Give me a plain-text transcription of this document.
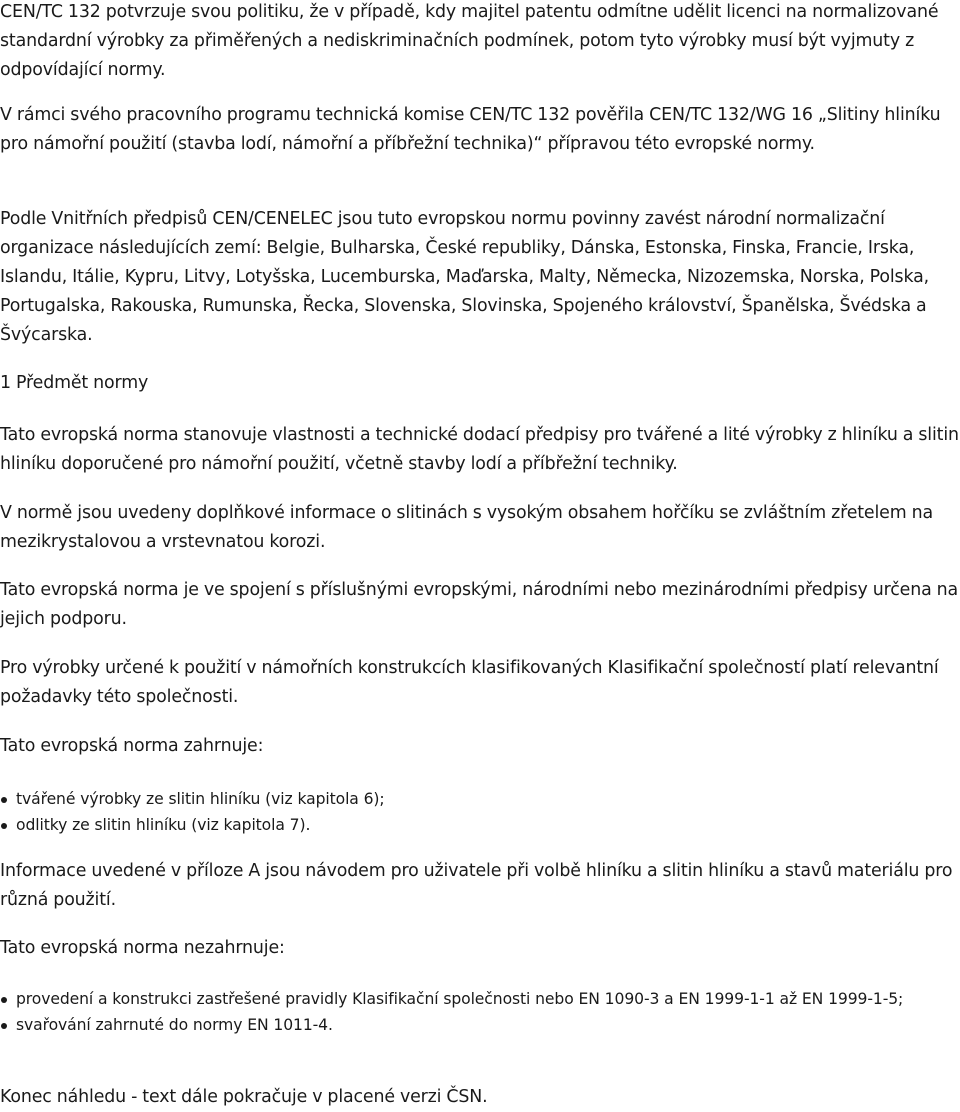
CEN/TC 132 potvrzuje svou politiku, že v případě, kdy majitel patentu odmítne udělit licenci na normalizované standardní výrobky za přiměřených a nediskriminačních podmínek, potom tyto výrobky musí být vyjmuty z odpovídající normy.

V rámci svého pracovního programu technická komise CEN/TC 132 pověřila CEN/TC 132/WG 16 „Slitiny hliníku pro námořní použití (stavba lodí, námořní a příbřežní technika)“ přípravou této evropské normy.

Podle Vnitřních předpisů CEN/CENELEC jsou tuto evropskou normu povinny zavést národní normalizační organizace následujících zemí: Belgie, Bulharska, České republiky, Dánska, Estonska, Finska, Francie, Irska, Islandu, Itálie, Kypru, Litvy, Lotyšska, Lucemburska, Maďarska, Malty, Německa, Nizozemska, Norska, Polska, Portugalska, Rakouska, Rumunska, Řecka, Slovenska, Slovinska, Spojeného království, Španělska, Švédska a Švýcarska.

1 Předmět normy

Tato evropská norma stanovuje vlastnosti a technické dodací předpisy pro tvářené a lité výrobky z hliníku a slitin hliníku doporučené pro námořní použití, včetně stavby lodí a příbřežní techniky.

V normě jsou uvedeny doplňkové informace o slitinách s vysokým obsahem hořčíku se zvláštním zřetelem na mezikrystalovou a vrstevnatou korozi.

Tato evropská norma je ve spojení s příslušnými evropskými, národními nebo mezinárodními předpisy určena na jejich podporu.

Pro výrobky určené k použití v námořních konstrukcích klasifikovaných Klasifikační společností platí relevantní požadavky této společnosti.

Tato evropská norma zahrnuje:

tvářené výrobky ze slitin hliníku (viz kapitola 6);
odlitky ze slitin hliníku (viz kapitola 7).

Informace uvedené v příloze A jsou návodem pro uživatele při volbě hliníku a slitin hliníku a stavů materiálu pro různá použití.

Tato evropská norma nezahrnuje:

provedení a konstrukci zastřešené pravidly Klasifikační společnosti nebo EN 1090-3 a EN 1999-1-1 až EN 1999-1-5;
svařování zahrnuté do normy EN 1011-4.

Konec náhledu - text dále pokračuje v placené verzi ČSN.
